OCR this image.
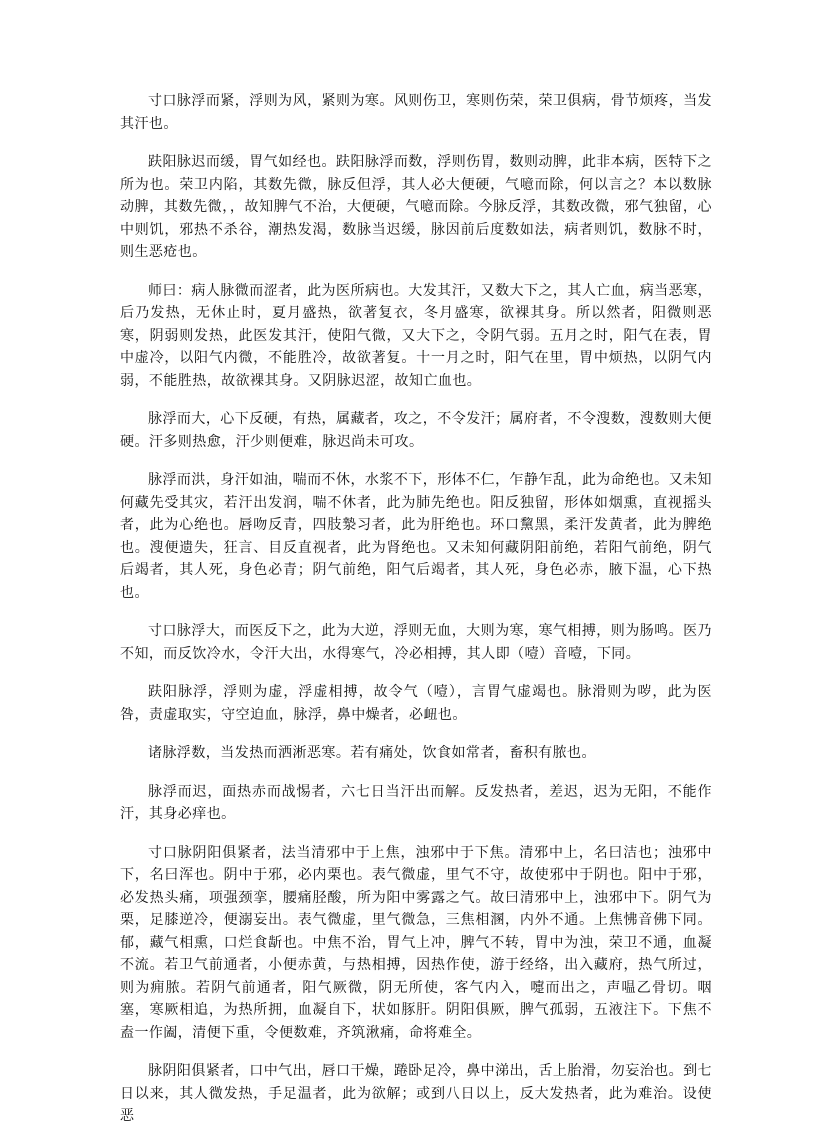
寸口脉浮而紧，浮则为风，紧则为寒。风则伤卫，寒则伤荣，荣卫俱病，骨节烦疼，当发其汗也。

趺阳脉迟而缓，胃气如经也。趺阳脉浮而数，浮则伤胃，数则动脾，此非本病，医特下之所为也。荣卫内陷，其数先微，脉反但浮，其人必大便硬，气噫而除，何以言之？本以数脉动脾，其数先微，，故知脾气不治，大便硬，气噫而除。今脉反浮，其数改微，邪气独留，心中则饥，邪热不杀谷，潮热发渴，数脉当迟缓，脉因前后度数如法，病者则饥，数脉不时，则生恶疮也。

师曰：病人脉微而涩者，此为医所病也。大发其汗，又数大下之，其人亡血，病当恶寒，后乃发热，无休止时，夏月盛热，欲著复衣，冬月盛寒，欲裸其身。所以然者，阳微则恶寒，阴弱则发热，此医发其汗，使阳气微，又大下之，令阴气弱。五月之时，阳气在表，胃中虚冷，以阳气内微，不能胜冷，故欲著复。十一月之时，阳气在里，胃中烦热，以阴气内弱，不能胜热，故欲裸其身。又阴脉迟涩，故知亡血也。

脉浮而大，心下反硬，有热，属藏者，攻之，不令发汗；属府者，不令溲数，溲数则大便硬。汗多则热愈，汗少则便难，脉迟尚未可攻。

脉浮而洪，身汗如油，喘而不休，水浆不下，形体不仁，乍静乍乱，此为命绝也。又未知何藏先受其灾，若汗出发润，喘不休者，此为肺先绝也。阳反独留，形体如烟熏，直视摇头者，此为心绝也。唇吻反青，四肢漐习者，此为肝绝也。环口黧黑，柔汗发黄者，此为脾绝也。溲便遗失，狂言、目反直视者，此为肾绝也。又未知何藏阴阳前绝，若阳气前绝，阴气后竭者，其人死，身色必青；阴气前绝，阳气后竭者，其人死，身色必赤，腋下温，心下热也。

寸口脉浮大，而医反下之，此为大逆，浮则无血，大则为寒，寒气相搏，则为肠鸣。医乃不知，而反饮冷水，令汗大出，水得寒气，冷必相搏，其人即（噎）音噎，下同。

趺阳脉浮，浮则为虚，浮虚相搏，故令气（噎），言胃气虚竭也。脉滑则为哕，此为医咎，责虚取实，守空迫血，脉浮，鼻中燥者，必衄也。

诸脉浮数，当发热而洒淅恶寒。若有痛处，饮食如常者，畜积有脓也。

脉浮而迟，面热赤而战惕者，六七日当汗出而解。反发热者，差迟，迟为无阳，不能作汗，其身必痒也。

寸口脉阴阳俱紧者，法当清邪中于上焦，浊邪中于下焦。清邪中上，名曰洁也；浊邪中下，名曰浑也。阴中于邪，必内栗也。表气微虚，里气不守，故使邪中于阴也。阳中于邪，必发热头痛，项强颈挛，腰痛胫酸，所为阳中雾露之气。故曰清邪中上，浊邪中下。阴气为栗，足膝逆冷，便溺妄出。表气微虚，里气微急，三焦相溷，内外不通。上焦怫音佛下同。郁，藏气相熏，口烂食龂也。中焦不治，胃气上冲，脾气不转，胃中为浊，荣卫不通，血凝不流。若卫气前通者，小便赤黄，与热相搏，因热作使，游于经络，出入藏府，热气所过，则为痈脓。若阴气前通者，阳气厥微，阴无所使，客气内入，嚏而出之，声嗢乙骨切。咽塞，寒厥相追，为热所拥，血凝自下，状如豚肝。阴阳俱厥，脾气孤弱，五液注下。下焦不盍一作阖，清便下重，令便数难，齐筑湫痛，命将难全。

脉阴阳俱紧者，口中气出，唇口干燥，踡卧足冷，鼻中涕出，舌上胎滑，勿妄治也。到七日以来，其人微发热，手足温者，此为欲解；或到八日以上，反大发热者，此为难治。设使恶
